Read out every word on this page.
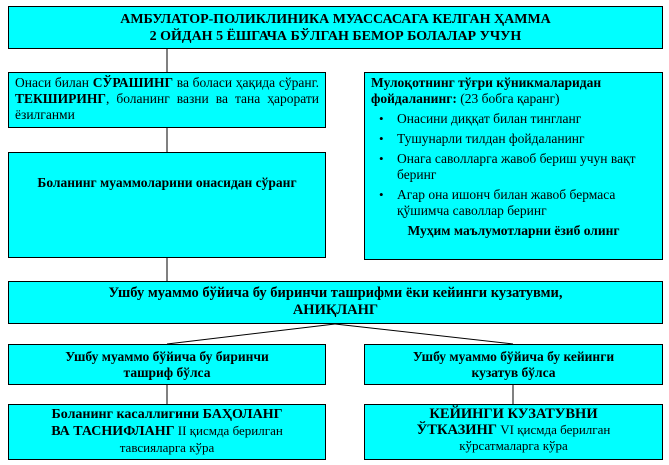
АМБУЛАТОР-ПОЛИКЛИНИКА МУАССАСАГА КЕЛГАН ҲАММА
2 ОЙДАН 5 ЁШГАЧА БЎЛГАН БЕМОР БОЛАЛАР УЧУН
Онаси билан СЎРАШИНГ ва боласи ҳақида сўранг. ТЕКШИРИНГ, боланинг вазни ва тана ҳарорати ёзилганми
Мулоқотнинг тўғри кўникмаларидан фойдаланинг: (23 бобга қаранг)
• Онасини диққат билан тингланг
• Тушунарли тилдан фойдаланинг
• Онага саволларга жавоб бериш учун вақт беринг
• Агар она ишонч билан жавоб бермаса қўшимча саволлар беринг
Муҳим маълумотларни ёзиб олинг
Боланинг муаммоларини онасидан сўранг
Ушбу муаммо бўйича бу биринчи ташрифми ёки кейинги кузатувми,
АНИҚЛАНГ
Ушбу муаммо бўйича бу биринчи
ташриф бўлса
Ушбу муаммо бўйича бу кейинги
кузатув бўлса
Боланинг касаллигини БАҲОЛАНГ
ВА ТАСНИФЛАНГ II қисмда берилган
тавсияларга кўра
КЕЙИНГИ КУЗАТУВНИ
ЎТКАЗИНГ VI қисмда берилган
кўрсатмаларга кўра
